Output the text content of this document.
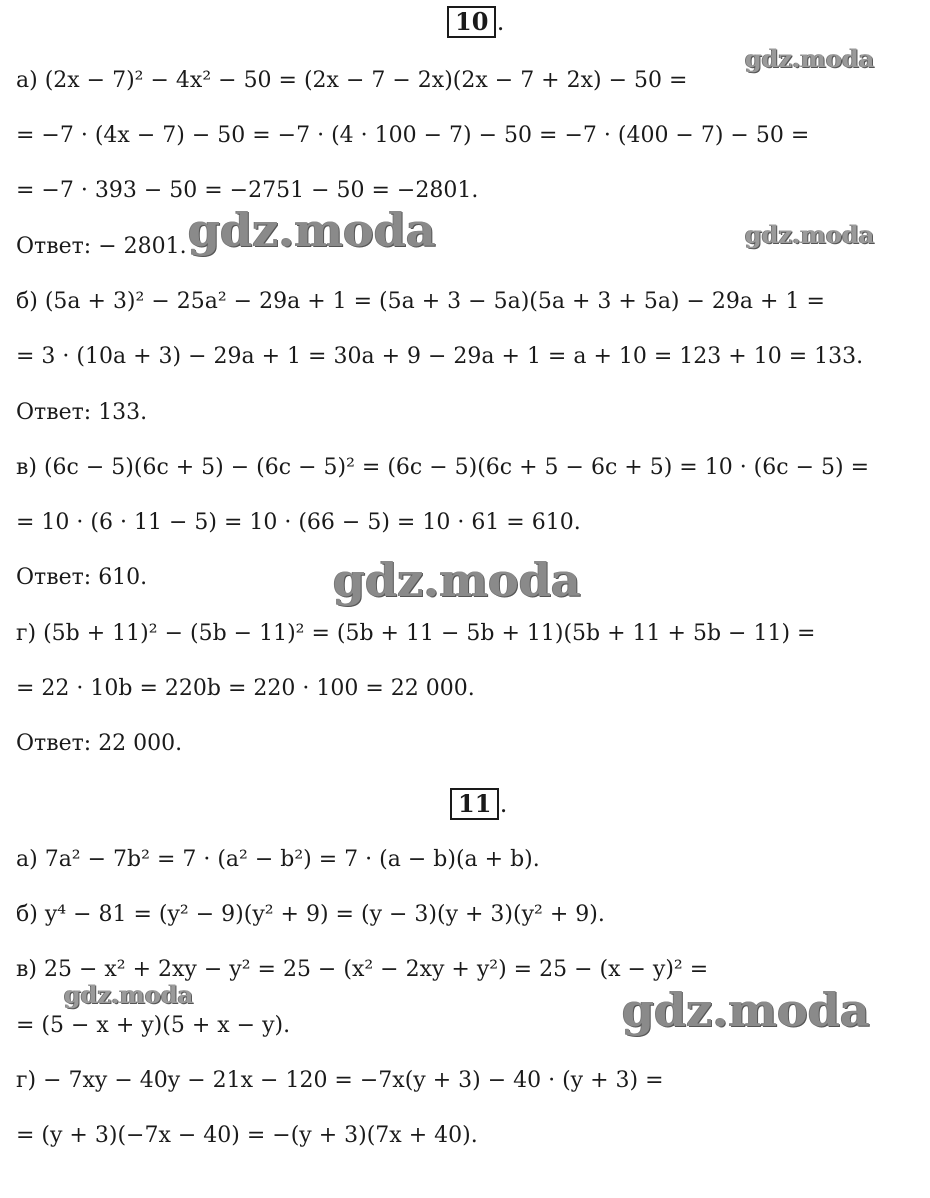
10 .
а) (2x − 7)² − 4x² − 50 = (2x − 7 − 2x)(2x − 7 + 2x) − 50 =
= −7 · (4x − 7) − 50 = −7 · (4 · 100 − 7) − 50 = −7 · (400 − 7) − 50 =
= −7 · 393 − 50 = −2751 − 50 = −2801.
Ответ: − 2801.
б) (5a + 3)² − 25a² − 29a + 1 = (5a + 3 − 5a)(5a + 3 + 5a) − 29a + 1 =
= 3 · (10a + 3) − 29a + 1 = 30a + 9 − 29a + 1 = a + 10 = 123 + 10 = 133.
Ответ: 133.
в) (6c − 5)(6c + 5) − (6c − 5)² = (6c − 5)(6c + 5 − 6c + 5) = 10 · (6c − 5) =
= 10 · (6 · 11 − 5) = 10 · (66 − 5) = 10 · 61 = 610.
Ответ: 610.
г) (5b + 11)² − (5b − 11)² = (5b + 11 − 5b + 11)(5b + 11 + 5b − 11) =
= 22 · 10b = 220b = 220 · 100 = 22 000.
Ответ: 22 000.
11 .
а) 7a² − 7b² = 7 · (a² − b²) = 7 · (a − b)(a + b).
б) y⁴ − 81 = (y² − 9)(y² + 9) = (y − 3)(y + 3)(y² + 9).
в) 25 − x² + 2xy − y² = 25 − (x² − 2xy + y²) = 25 − (x − y)² =
= (5 − x + y)(5 + x − y).
г) − 7xy − 40y − 21x − 120 = −7x(y + 3) − 40 · (y + 3) =
= (y + 3)(−7x − 40) = −(y + 3)(7x + 40).
gdz.moda
gdz.moda	gdz.moda
gdz.moda
gdz.moda	gdz.moda
